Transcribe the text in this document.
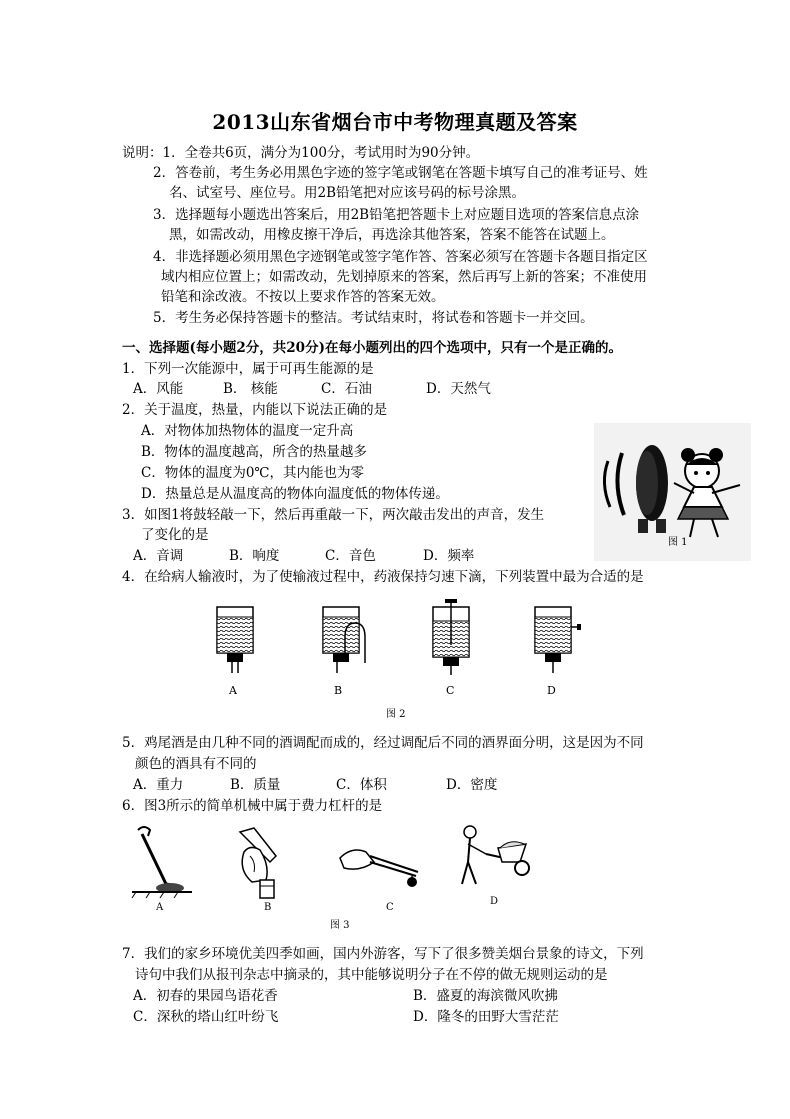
2013山东省烟台市中考物理真题及答案
说明：1．全卷共6页，满分为100分，考试用时为90分钟。
2．答卷前，考生务必用黑色字迹的签字笔或钢笔在答题卡填写自己的准考证号、姓
名、试室号、座位号。用2B铅笔把对应该号码的标号涂黑。
3．选择题每小题选出答案后，用2B铅笔把答题卡上对应题目选项的答案信息点涂
黑，如需改动，用橡皮擦干净后，再选涂其他答案，答案不能答在试题上。
4．非选择题必须用黑色字迹钢笔或签字笔作答、答案必须写在答题卡各题目指定区
域内相应位置上；如需改动，先划掉原来的答案，然后再写上新的答案；不准使用
铅笔和涂改液。不按以上要求作答的答案无效。
5．考生务必保持答题卡的整洁。考试结束时，将试卷和答题卡一并交回。
一、选择题(每小题2分，共20分)在每小题列出的四个选项中，只有一个是正确的。
1．下列一次能源中，属于可再生能源的是
A．风能	B． 核能	C．石油	D．天然气
2．关于温度，热量，内能以下说法正确的是
A．对物体加热物体的温度一定升高
B．物体的温度越高，所含的热量越多
C．物体的温度为0℃，其内能也为零
D．热量总是从温度高的物体向温度低的物体传递。
图 1
3．如图1将鼓轻敲一下，然后再重敲一下，两次敲击发出的声音，发生
了变化的是
A．音调	B．响度	C．音色	D．频率
4．在给病人输液时，为了使输液过程中，药液保持匀速下滴，下列装置中最为合适的是
A	B	C	D
图 2
5．鸡尾酒是由几种不同的酒调配而成的，经过调配后不同的酒界面分明，这是因为不同
颜色的酒具有不同的
A．重力	B．质量	C．体积	D．密度
6．图3所示的简单机械中属于费力杠杆的是
A	B	C
D
图 3
7．我们的家乡环境优美四季如画，国内外游客，写下了很多赞美烟台景象的诗文，下列
诗句中我们从报刊杂志中摘录的，其中能够说明分子在不停的做无规则运动的是
A．初春的果园鸟语花香	B．盛夏的海滨微风吹拂
C．深秋的塔山红叶纷飞	D．隆冬的田野大雪茫茫
